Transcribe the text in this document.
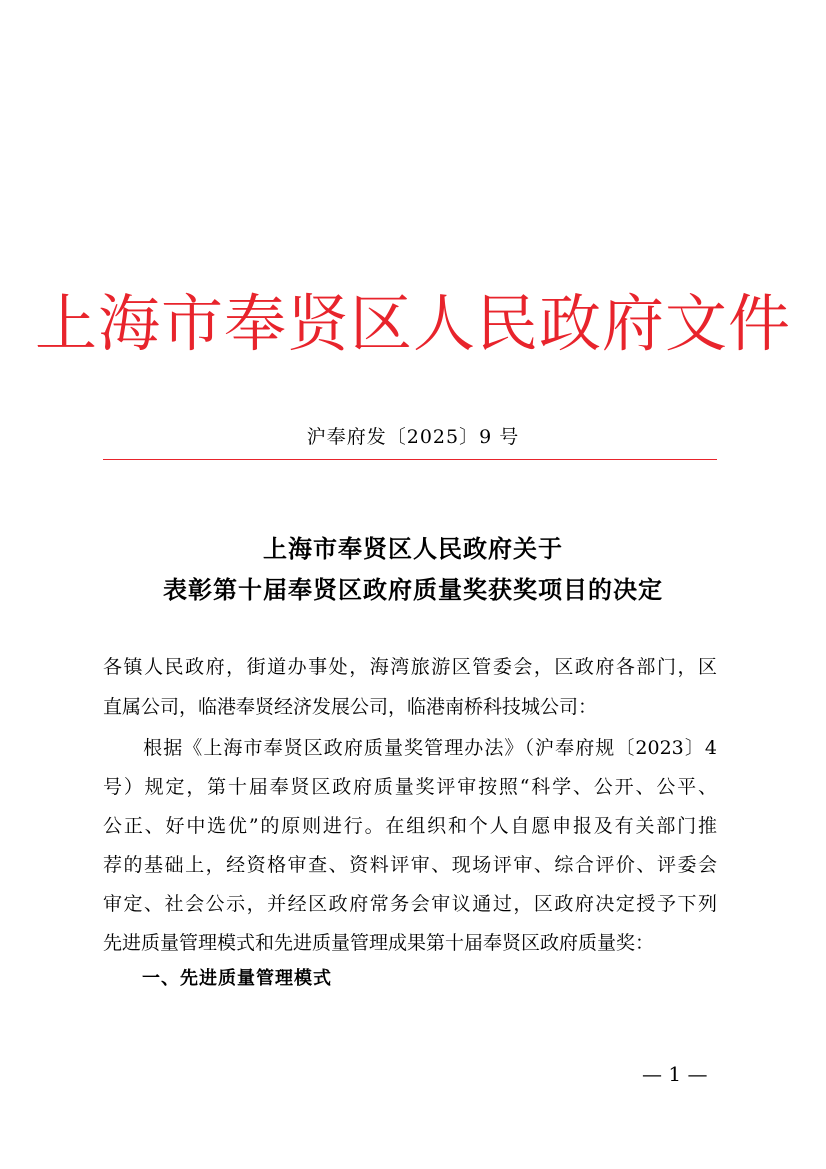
上海市奉贤区人民政府文件
沪奉府发〔2025〕9 号
上海市奉贤区人民政府关于
表彰第十届奉贤区政府质量奖获奖项目的决定
各镇人民政府，街道办事处，海湾旅游区管委会，区政府各部门，区
直属公司，临港奉贤经济发展公司，临港南桥科技城公司：
　　根据《上海市奉贤区政府质量奖管理办法》（沪奉府规〔2023〕4
号）规定，第十届奉贤区政府质量奖评审按照“科学、公开、公平、
公正、好中选优”的原则进行。在组织和个人自愿申报及有关部门推
荐的基础上，经资格审查、资料评审、现场评审、综合评价、评委会
审定、社会公示，并经区政府常务会审议通过，区政府决定授予下列
先进质量管理模式和先进质量管理成果第十届奉贤区政府质量奖：
一、先进质量管理模式
— 1 —
